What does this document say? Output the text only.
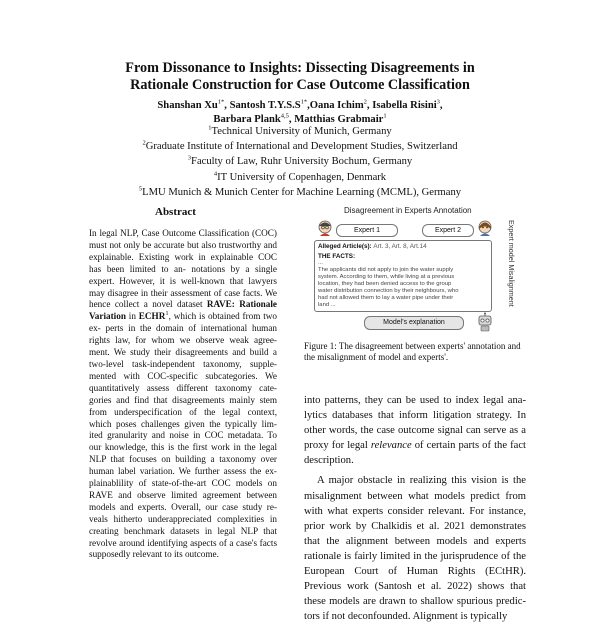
From Dissonance to Insights: Dissecting Disagreements in
Rationale Construction for Case Outcome Classification
Shanshan $Xu^{1*}$, Santosh $T.Y.S.S^{1*},Oana$ Ichim$^2$, Isabella Risini$^3$,
Barbara Plank$^{4,5}$, Matthias Grabmair$^1$
$^1$Technical University of Munich, Germany
$^2$Graduate Institute of International and Development Studies, Switzerland
$^3$Faculty of Law, Ruhr University Bochum, Germany
$^4$IT University of Copenhagen, Denmark
$^5$LMU Munich & Munich Center for Machine Learning (MCML), Germany
Abstract
In legal NLP, Case Outcome Classification (COC) must not only be accurate but also trustworthy and explainable. Existing work in explainable COC has been limited to an- notations by a single expert. However, it is well-known that lawyers may disagree in their assessment of case facts. We hence collect a novel dataset RAVE: Rationale Variation in ECHR$^1$, which is obtained from two ex- perts in the domain of international human rights law, for whom we observe weak agree- ment. We study their disagreements and build a two-level task-independent taxonomy, supple- mented with COC-specific subcategories. We quantitatively assess different taxonomy cate- gories and find that disagreements mainly stem from underspecification of the legal context, which poses challenges given the typically lim- ited granularity and noise in COC metadata. To our knowledge, this is the first work in the legal NLP that focuses on building a taxonomy over human label variation. We further assess the ex- plainablility of state-of-the-art COC models on RAVE and observe limited agreement between models and experts. Overall, our case study re- veals hitherto underappreciated complexities in creating benchmark datasets in legal NLP that revolve around identifying aspects of a case's facts supposedly relevant to its outcome.
Disagreement in Experts Annotation
Expert model Misalignment
Expert 1	Expert 2
Alleged Article(s): Art. 3, Art. 8, Art.14
THE FACTS:
...
The applicants did not apply to join the water supply
system. According to them, while living at a previous
location, they had been denied access to the group
water distribution connection by their neighbours, who
had not allowed them to lay a water pipe under their
land ...
Model's explanation
Figure 1: The disagreement between experts' annotation and the misalignment of model and experts'.

into patterns, they can be used to index legal ana- lytics databases that inform litigation strategy. In other words, the case outcome signal can serve as a proxy for legal relevance of certain parts of the fact description.

A major obstacle in realizing this vision is the misalignment between what models predict from with what experts consider relevant. For instance, prior work by Chalkidis et al. 2021 demonstrates that the alignment between models and experts rationale is fairly limited in the jurisprudence of the European Court of Human Rights (ECtHR). Previous work (Santosh et al. 2022) shows that these models are drawn to shallow spurious predic- tors if not deconfounded. Alignment is typically
